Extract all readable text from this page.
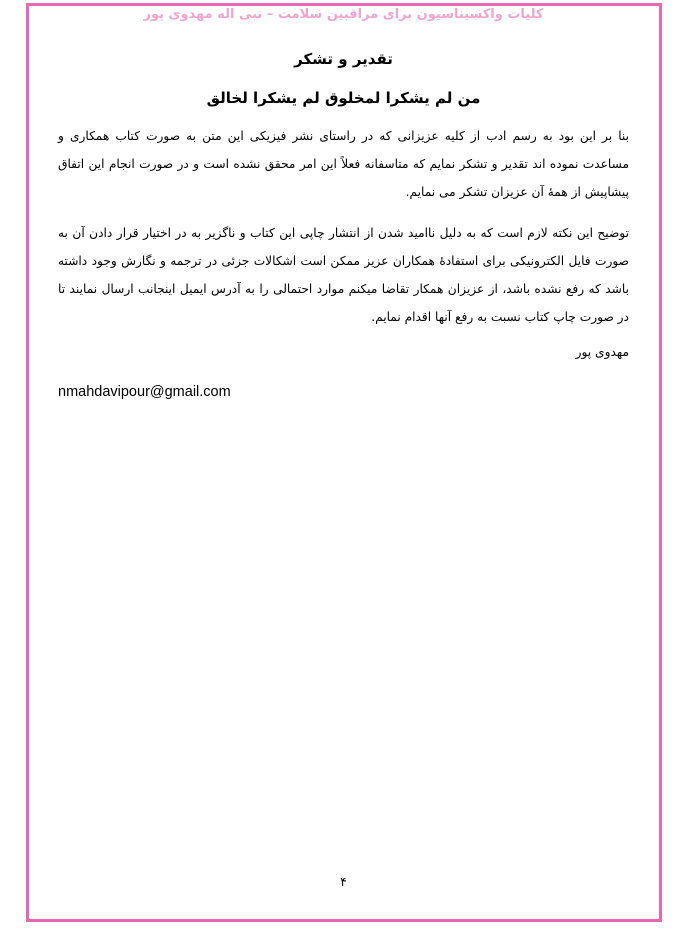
کلیات واکسیناسیون برای مراقبین سلامت – نبی اله مهدوی پور
تقدیر و تشکر
من لم یشکرا لمخلوق لم یشکرا لخالق

بنا بر این بود به رسم ادب از کلیه عزیزانی که در راستای نشر فیزیکی این متن به صورت کتاب همکاری و مساعدت نموده اند تقدیر و تشکر نمایم که متاسفانه فعلاً این امر محقق نشده است و در صورت انجام این اتفاق پیشاپیش از همهٔ آن عزیزان تشکر می نمایم.

توضیح این نکته لازم است که به دلیل ناامید شدن از انتشار چاپی این کتاب و ناگزیر به در اختیار قرار دادن آن به صورت فایل الکترونیکی برای استفادهٔ همکاران عزیز ممکن است اشکالات جزئی در ترجمه و نگارش وجود داشته باشد که رفع نشده باشد، از عزیزان همکار تقاضا میکنم موارد احتمالی را به آدرس ایمیل اینجانب ارسال نمایند تا در صورت چاپ کتاب نسبت به رفع آنها اقدام نمایم.

مهدوی پور
nmahdavipour@gmail.com
۴
